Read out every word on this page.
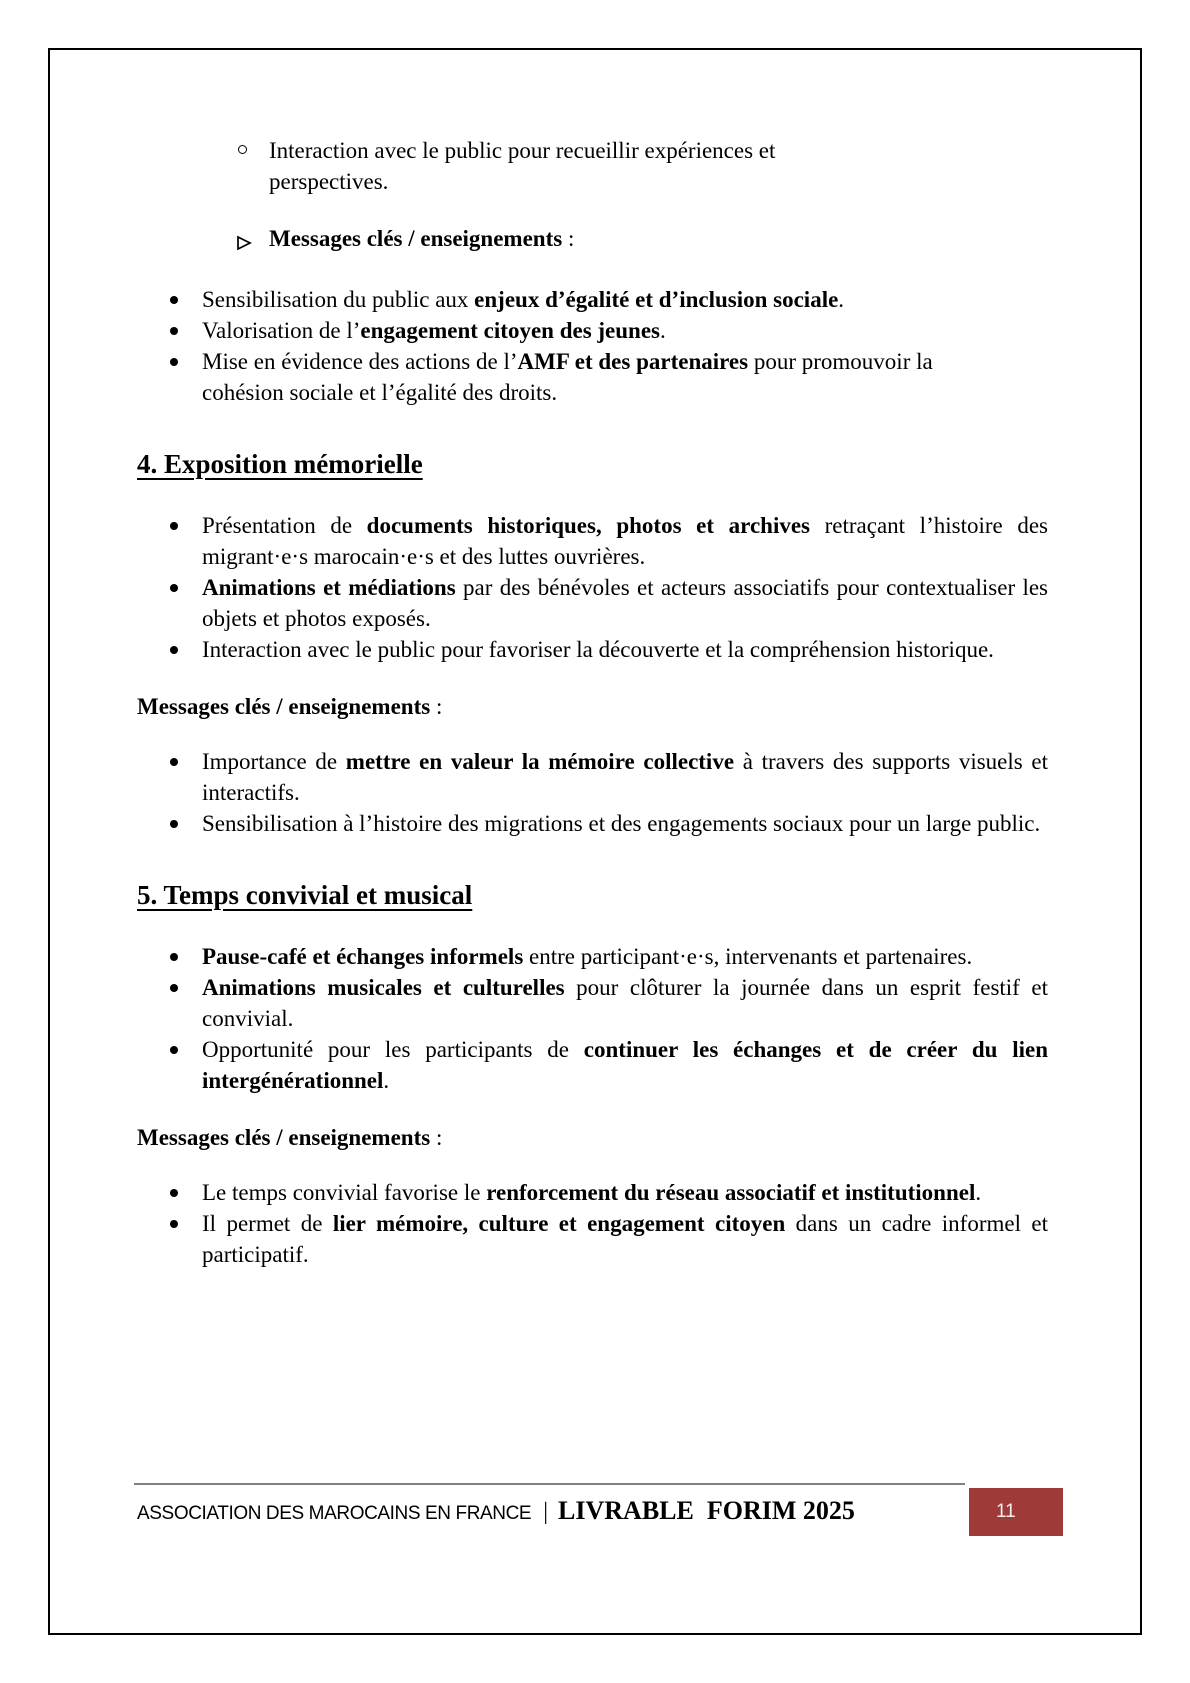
Interaction avec le public pour recueillir expériences et perspectives.
Messages clés / enseignements :
Sensibilisation du public aux enjeux d’égalité et d’inclusion sociale.
Valorisation de l’engagement citoyen des jeunes.
Mise en évidence des actions de l’AMF et des partenaires pour promouvoir la cohésion sociale et l’égalité des droits.
4. Exposition mémorielle
Présentation de documents historiques, photos et archives retraçant l’histoire des migrant·e·s marocain·e·s et des luttes ouvrières.
Animations et médiations par des bénévoles et acteurs associatifs pour contextualiser les objets et photos exposés.
Interaction avec le public pour favoriser la découverte et la compréhension historique.
Messages clés / enseignements :
Importance de mettre en valeur la mémoire collective à travers des supports visuels et interactifs.
Sensibilisation à l’histoire des migrations et des engagements sociaux pour un large public.
5. Temps convivial et musical
Pause-café et échanges informels entre participant·e·s, intervenants et partenaires.
Animations musicales et culturelles pour clôturer la journée dans un esprit festif et convivial.
Opportunité pour les participants de continuer les échanges et de créer du lien intergénérationnel.
Messages clés / enseignements :
Le temps convivial favorise le renforcement du réseau associatif et institutionnel.
Il permet de lier mémoire, culture et engagement citoyen dans un cadre informel et participatif.
ASSOCIATION DES MAROCAINS EN FRANCE | LIVRABLE  FORIM 2025	11
